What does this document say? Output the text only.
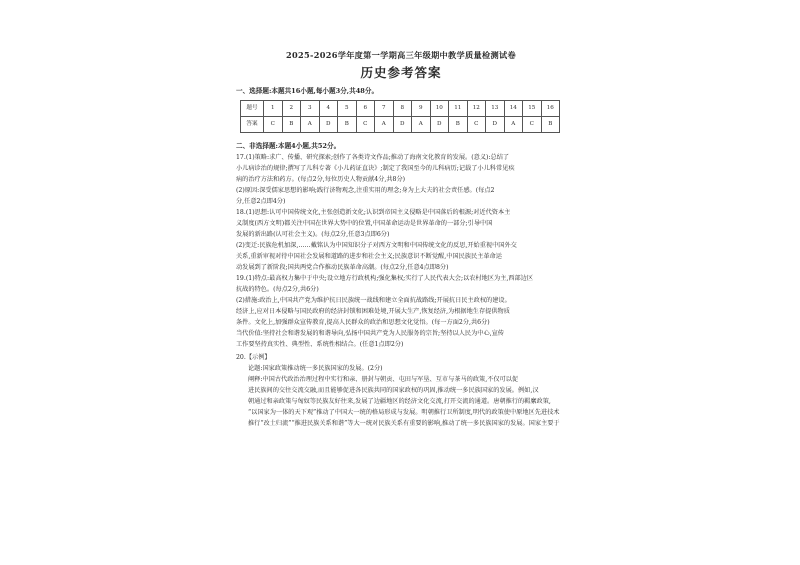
2025-2026学年度第一学期高三年级期中教学质量检测试卷
历史参考答案
一、选择题:本题共16小题,每小题3分,共48分。
题号	1	2	3	4	5	6	7	8	9	10	11	12	13	14	15	16
答案	C	B	A	D	B	C	A	D	A	D	B	C	D	A	C	B
二、非选择题:本题4小题,共52分。
17.(1)策略:求广、传播、研究探索;创作了各类诗文作品;推动了海南文化教育的发展。(意义):总结了
小儿病诊治的规律;撰写了儿科专著《小儿药证直诀》;制定了我国至今的儿科病历;记载了小儿科常见疾
病的治疗方法和药方。(每点2分,每位历史人物贡献4分,共8分)
(2)原因:深受儒家思想的影响;践行济物观念,注重实用的理念;身为上大夫的社会责任感。(每点2
分,任意2点即4分)
18.(1)思想:认可中国传统文化,主张创造新文化;认识到帝国主义侵略是中国落后的根源;对近代资本主
义制度(西方文明)都关注中国在世界大势中的位置,中国革命运动是世界革命的一部分;引导中国
发展的新出路(认可社会主义)。(每点2分,任意3点即6分)
(2)变迁:民族危机加深,……戴铭认为中国知识分子对西方文明和中国传统文化的反思,开始重视中国外交
关系,重新审视对待中国社会发展和道路的进步和社会主义;民族意识不断觉醒,中国民族民主革命运
动发展到了新阶段;国共两党合作推动民族革命高潮。(每点2分,任意4点即8分)
19.(1)特点:最高权力集中于中央;设立地方行政机构;强化集权;实行了人民代表大会;以农村地区为主,西部边区
抗战的特色。(每点2分,共6分)
(2)措施:政治上,中国共产党为维护抗日民族统一战线和建立全面抗战路线;开展抗日民主政权的建设。
经济上,应对日本侵略与国民政府的经济封锁和困难处境,开展大生产,恢复经济,为根据地生存提供物质
条件。文化上,加强群众宣传教育,提高人民群众的政治和思想文化觉悟。(每一方面2分,共6分)
当代价值:坚持社会和谐发展的和谐导向,弘扬中国共产党为人民服务的宗旨;坚持以人民为中心,宣传
工作要坚持真实性、典型性、系统性相结合。(任意1点即2分)
20.【示例】
论题:国家政策推动统一多民族国家的发展。(2分)
阐释:中国古代政治治理过程中实行和亲、册封与朝贡、屯田与军垦、互市与茶马的政策,不仅可以促
进民族间的交往交流交融,而且能够促进各民族共同的国家政权的巩固,推动统一多民族国家的发展。例如,汉
朝通过和亲政策与匈奴等民族友好往来,发展了边疆地区的经济文化交流,打开交流的通道。唐朝推行的羁縻政策,
“以国家为一体的天下观”推动了中国大一统的格局形成与发展。明朝推行卫所制度,明代的政策使中原地区先进技术
推行“改土归流”“推进民族关系和谐”等大一统对民族关系有重要的影响,推动了统一多民族国家的发展。国家主要于
